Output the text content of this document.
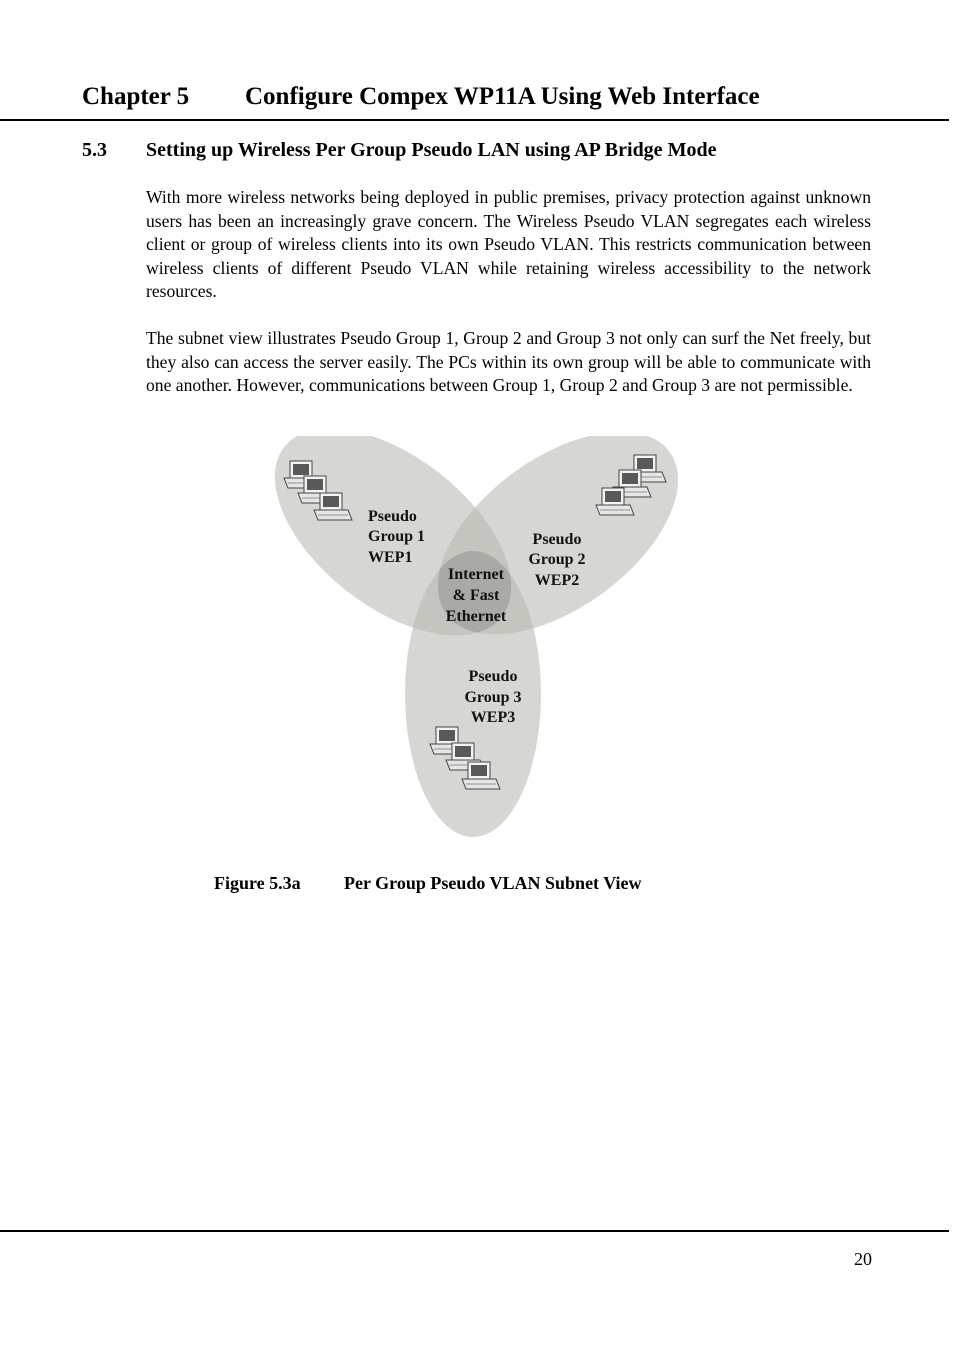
Chapter 5 Configure Compex WP11A Using Web Interface
5.3 Setting up Wireless Per Group Pseudo LAN using AP Bridge Mode

With more wireless networks being deployed in public premises, privacy protection against unknown users has been an increasingly grave concern. The Wireless Pseudo VLAN segregates each wireless client or group of wireless clients into its own Pseudo VLAN. This restricts communication between wireless clients of different Pseudo VLAN while retaining wireless accessibility to the network resources.

The subnet view illustrates Pseudo Group 1, Group 2 and Group 3 not only can surf the Net freely, but they also can access the server easily. The PCs within its own group will be able to communicate with one another. However, communications between Group 1, Group 2 and Group 3 are not permissible.

Pseudo
Group 1
WEP1
Pseudo
Group 2
WEP2
Internet
& Fast
Ethernet
Pseudo
Group 3
WEP3

Figure 5.3a Per Group Pseudo VLAN Subnet View

20
